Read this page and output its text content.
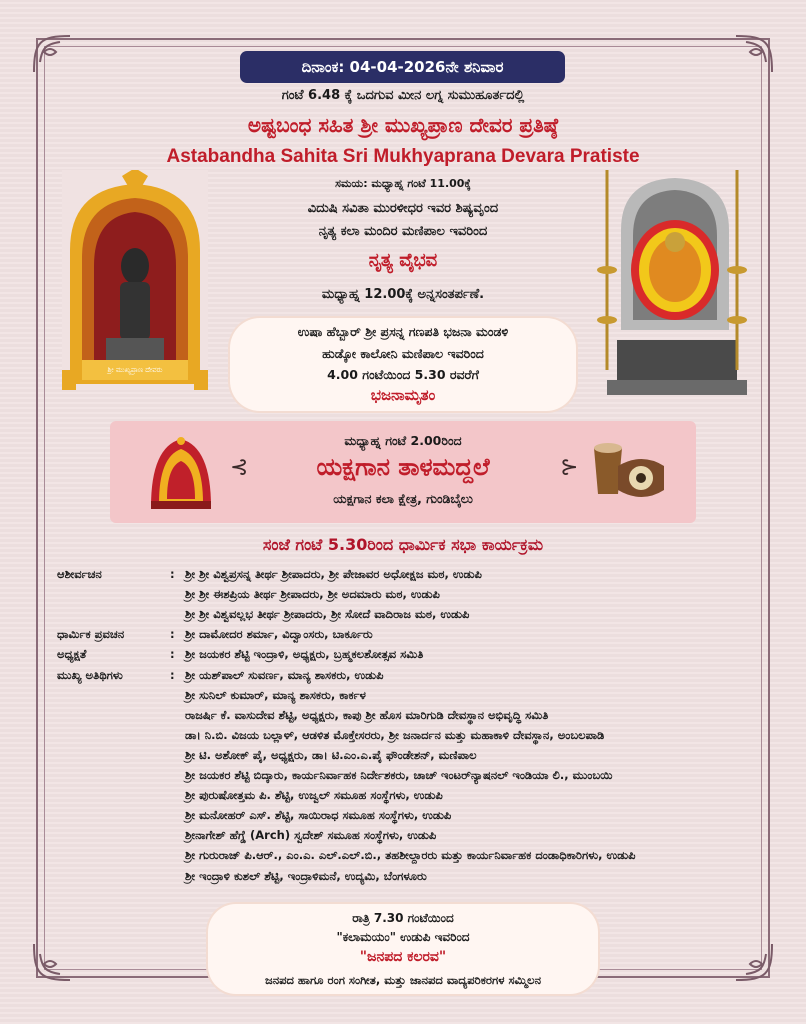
ದಿನಾಂಕ: 04-04-2026ನೇ ಶನಿವಾರ
ಗಂಟೆ 6.48 ಕ್ಕೆ ಒದಗುವ ಮೀನ ಲಗ್ನ ಸುಮುಹೂರ್ತದಲ್ಲಿ
ಅಷ್ಟಬಂಧ ಸಹಿತ ಶ್ರೀ ಮುಖ್ಯಪ್ರಾಣ ದೇವರ ಪ್ರತಿಷ್ಠೆ
Astabandha Sahita Sri Mukhyaprana Devara Pratiste
ಸಮಯ: ಮಧ್ಯಾಹ್ನ ಗಂಟೆ 11.00ಕ್ಕೆ
ವಿದುಷಿ ಸವಿತಾ ಮುರಳೀಧರ ಇವರ ಶಿಷ್ಯವೃಂದ
ನೃತ್ಯ ಕಲಾ ಮಂದಿರ ಮಣಿಪಾಲ ಇವರಿಂದ
ನೃತ್ಯ ವೈಭವ
ಮಧ್ಯಾಹ್ನ 12.00ಕ್ಕೆ ಅನ್ನಸಂತರ್ಪಣೆ.
ಶ್ರೀ ಮುಖ್ಯಪ್ರಾಣ ದೇವರು
ಉಷಾ ಹೆಬ್ಬಾರ್ ಶ್ರೀ ಪ್ರಸನ್ನ ಗಣಪತಿ ಭಜನಾ ಮಂಡಳಿ
ಹುಡ್ಕೋ ಕಾಲೋನಿ ಮಣಿಪಾಲ ಇವರಿಂದ
4.00 ಗಂಟೆಯಿಂದ 5.30 ರವರೆಗೆ
ಭಜನಾಮೃತಂ
⊰	⊱
ಮಧ್ಯಾಹ್ನ ಗಂಟೆ 2.00ರಿಂದ
ಯಕ್ಷಗಾನ ತಾಳಮದ್ದಲೆ
ಯಕ್ಷಗಾನ ಕಲಾ ಕ್ಷೇತ್ರ, ಗುಂಡಿಬೈಲು
ಸಂಜೆ ಗಂಟೆ 5.30ರಿಂದ ಧಾರ್ಮಿಕ ಸಭಾ ಕಾರ್ಯಕ್ರಮ
ಆಶೀರ್ವಚನ	: ಶ್ರೀ ಶ್ರೀ ವಿಶ್ವಪ್ರಸನ್ನ ತೀರ್ಥ ಶ್ರೀಪಾದರು, ಶ್ರೀ ಪೇಜಾವರ ಅಧೋಕ್ಷಜ ಮಠ, ಉಡುಪಿ
ಶ್ರೀ ಶ್ರೀ ಈಶಪ್ರಿಯ ತೀರ್ಥ ಶ್ರೀಪಾದರು, ಶ್ರೀ ಅದಮಾರು ಮಠ, ಉಡುಪಿ
ಶ್ರೀ ಶ್ರೀ ವಿಶ್ವವಲ್ಲಭ ತೀರ್ಥ ಶ್ರೀಪಾದರು, ಶ್ರೀ ಸೋದೆ ವಾದಿರಾಜ ಮಠ, ಉಡುಪಿ
ಧಾರ್ಮಿಕ ಪ್ರವಚನ	: ಶ್ರೀ ದಾಮೋದರ ಶರ್ಮಾ, ವಿದ್ವಾಂಸರು, ಬಾರ್ಕೂರು
ಅಧ್ಯಕ್ಷತೆ	: ಶ್ರೀ ಜಯಕರ ಶೆಟ್ಟಿ ಇಂದ್ರಾಳಿ, ಅಧ್ಯಕ್ಷರು, ಬ್ರಹ್ಮಕಲಶೋತ್ಸವ ಸಮಿತಿ
ಮುಖ್ಯ ಅತಿಥಿಗಳು	: ಶ್ರೀ ಯಶ್‌ಪಾಲ್ ಸುವರ್ಣ, ಮಾನ್ಯ ಶಾಸಕರು, ಉಡುಪಿ
ಶ್ರೀ ಸುನಿಲ್ ಕುಮಾರ್, ಮಾನ್ಯ ಶಾಸಕರು, ಕಾರ್ಕಳ
ರಾಜರ್ಷಿ ಕೆ. ವಾಸುದೇವ ಶೆಟ್ಟಿ, ಅಧ್ಯಕ್ಷರು, ಕಾಪು ಶ್ರೀ ಹೊಸ ಮಾರಿಗುಡಿ ದೇವಸ್ಥಾನ ಅಭಿವೃದ್ಧಿ ಸಮಿತಿ
ಡಾ। ನಿ.ಬಿ. ವಿಜಯ ಬಲ್ಲಾಳ್, ಆಡಳಿತ ಮೊಕ್ತೇಸರರು, ಶ್ರೀ ಜನಾರ್ದನ ಮತ್ತು ಮಹಾಕಾಳಿ ದೇವಸ್ಥಾನ, ಅಂಬಲಪಾಡಿ
ಶ್ರೀ ಟಿ. ಅಶೋಕ್ ಪೈ, ಅಧ್ಯಕ್ಷರು, ಡಾ। ಟಿ.ಎಂ.ಎ.ಪೈ ಫೌಂಡೇಶನ್, ಮಣಿಪಾಲ
ಶ್ರೀ ಜಯಕರ ಶೆಟ್ಟಿ ಬಿದ್ಕಾರು, ಕಾರ್ಯನಿರ್ವಾಹಕ ನಿರ್ದೇಶಕರು, ಚಾಚ್ ಇಂಟರ್‌ನ್ಯಾಷನಲ್ ಇಂಡಿಯಾ ಲಿ., ಮುಂಬಯಿ
ಶ್ರೀ ಪುರುಷೋತ್ತಮ ಪಿ. ಶೆಟ್ಟಿ, ಉಜ್ವಲ್ ಸಮೂಹ ಸಂಸ್ಥೆಗಳು, ಉಡುಪಿ
ಶ್ರೀ ಮನೋಹರ್ ಎಸ್. ಶೆಟ್ಟಿ, ಸಾಯಿರಾಧ ಸಮೂಹ ಸಂಸ್ಥೆಗಳು, ಉಡುಪಿ
ಶ್ರೀನಾಗೇಶ್ ಹೆಗ್ಡೆ (Arch) ಸ್ವದೇಶ್ ಸಮೂಹ ಸಂಸ್ಥೆಗಳು, ಉಡುಪಿ
ಶ್ರೀ ಗುರುರಾಜ್ ಪಿ.ಆರ್., ಎಂ.ಎ. ಎಲ್.ಎಲ್.ಬಿ., ತಹಶೀಲ್ದಾರರು ಮತ್ತು ಕಾರ್ಯನಿರ್ವಾಹಕ ದಂಡಾಧಿಕಾರಿಗಳು, ಉಡುಪಿ
ಶ್ರೀ ಇಂದ್ರಾಳಿ ಕುಶಲ್ ಶೆಟ್ಟಿ, ಇಂದ್ರಾಳಿಮನೆ, ಉದ್ಯಮಿ, ಬೆಂಗಳೂರು
ರಾತ್ರಿ 7.30 ಗಂಟೆಯಿಂದ
"ಕಲಾಮಯಂ" ಉಡುಪಿ ಇವರಿಂದ
"ಜನಪದ ಕಲರವ"
ಜನಪದ ಹಾಗೂ ರಂಗ ಸಂಗೀತ, ಮತ್ತು ಜಾನಪದ ವಾದ್ಯಪರಿಕರಗಳ ಸಮ್ಮಿಲನ
